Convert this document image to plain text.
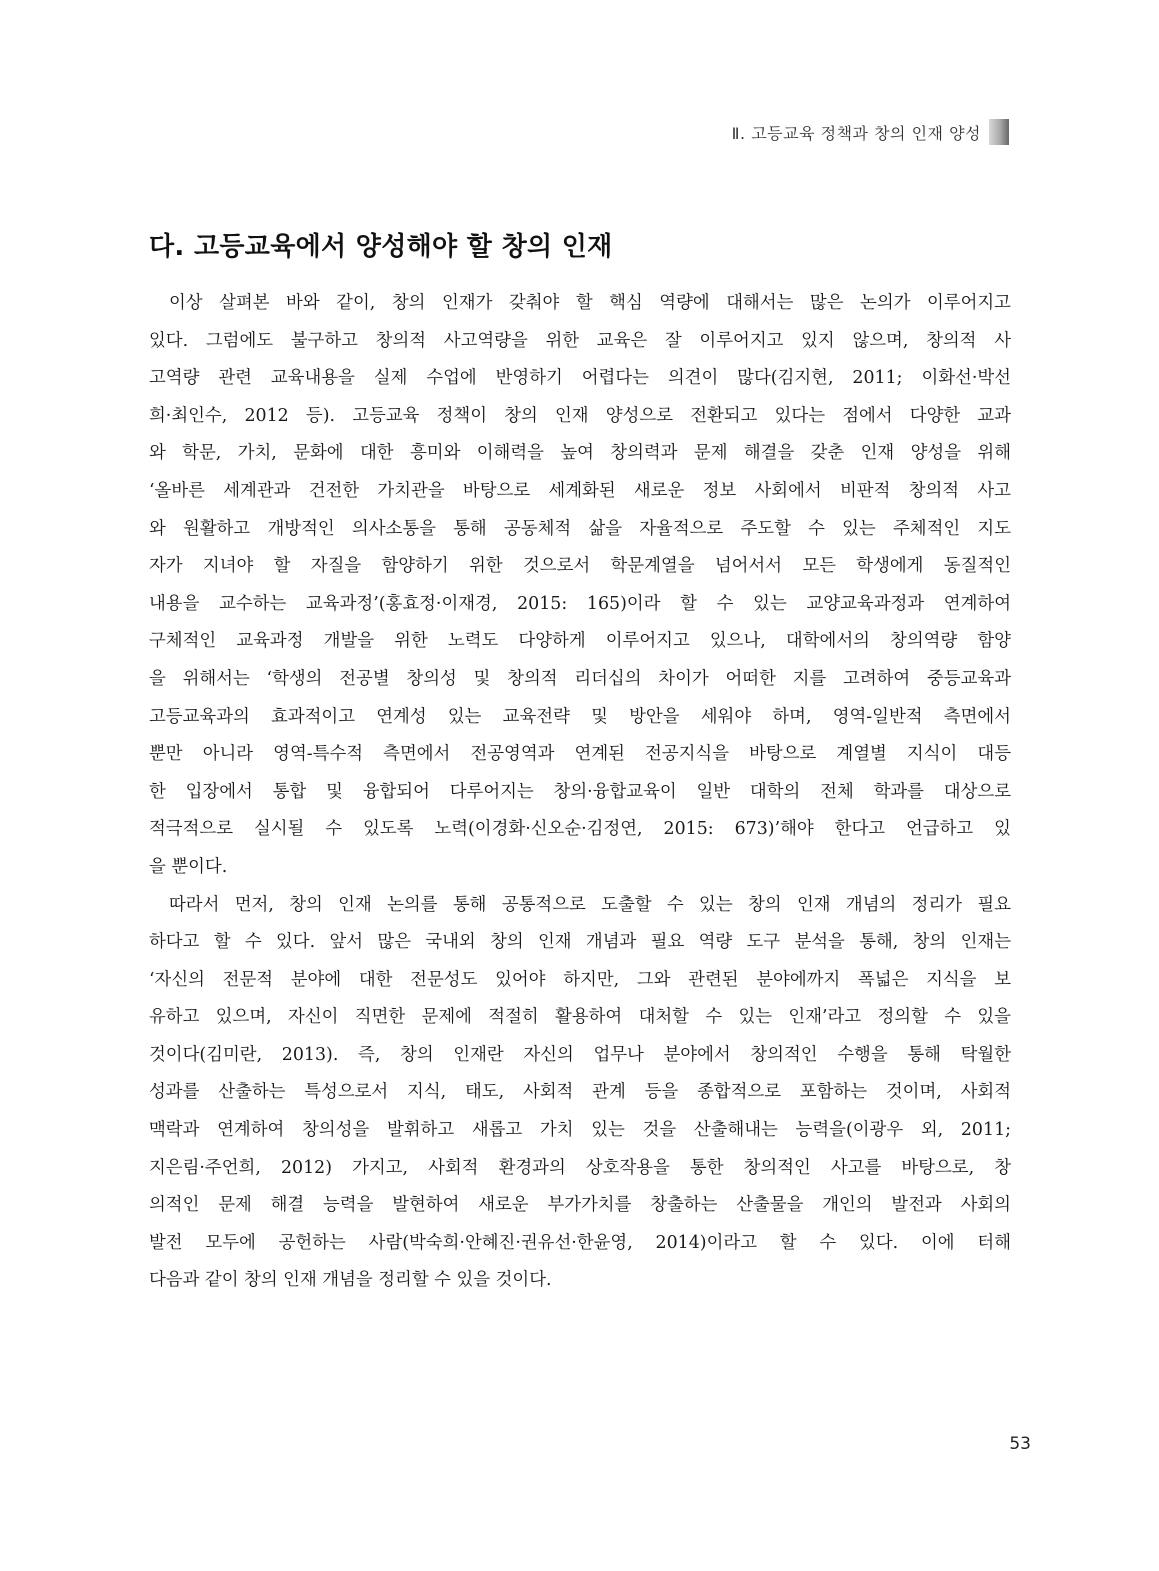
Ⅱ. 고등교육 정책과 창의 인재 양성
다. 고등교육에서 양성해야 할 창의 인재
이상 살펴본 바와 같이, 창의 인재가 갖춰야 할 핵심 역량에 대해서는 많은 논의가 이루어지고
있다. 그럼에도 불구하고 창의적 사고역량을 위한 교육은 잘 이루어지고 있지 않으며, 창의적 사
고역량 관련 교육내용을 실제 수업에 반영하기 어렵다는 의견이 많다(김지현, 2011; 이화선·박선
희·최인수, 2012 등). 고등교육 정책이 창의 인재 양성으로 전환되고 있다는 점에서 다양한 교과
와 학문, 가치, 문화에 대한 흥미와 이해력을 높여 창의력과 문제 해결을 갖춘 인재 양성을 위해
‘올바른 세계관과 건전한 가치관을 바탕으로 세계화된 새로운 정보 사회에서 비판적 창의적 사고
와 원활하고 개방적인 의사소통을 통해 공동체적 삶을 자율적으로 주도할 수 있는 주체적인 지도
자가 지녀야 할 자질을 함양하기 위한 것으로서 학문계열을 넘어서서 모든 학생에게 동질적인
내용을 교수하는 교육과정’(홍효정·이재경, 2015: 165)이라 할 수 있는 교양교육과정과 연계하여
구체적인 교육과정 개발을 위한 노력도 다양하게 이루어지고 있으나, 대학에서의 창의역량 함양
을 위해서는 ‘학생의 전공별 창의성 및 창의적 리더십의 차이가 어떠한 지를 고려하여 중등교육과
고등교육과의 효과적이고 연계성 있는 교육전략 및 방안을 세워야 하며, 영역-일반적 측면에서
뿐만 아니라 영역-특수적 측면에서 전공영역과 연계된 전공지식을 바탕으로 계열별 지식이 대등
한 입장에서 통합 및 융합되어 다루어지는 창의·융합교육이 일반 대학의 전체 학과를 대상으로
적극적으로 실시될 수 있도록 노력(이경화·신오순·김정연, 2015: 673)’해야 한다고 언급하고 있
을 뿐이다.
따라서 먼저, 창의 인재 논의를 통해 공통적으로 도출할 수 있는 창의 인재 개념의 정리가 필요
하다고 할 수 있다. 앞서 많은 국내외 창의 인재 개념과 필요 역량 도구 분석을 통해, 창의 인재는
‘자신의 전문적 분야에 대한 전문성도 있어야 하지만, 그와 관련된 분야에까지 폭넓은 지식을 보
유하고 있으며, 자신이 직면한 문제에 적절히 활용하여 대처할 수 있는 인재’라고 정의할 수 있을
것이다(김미란, 2013). 즉, 창의 인재란 자신의 업무나 분야에서 창의적인 수행을 통해 탁월한
성과를 산출하는 특성으로서 지식, 태도, 사회적 관계 등을 종합적으로 포함하는 것이며, 사회적
맥락과 연계하여 창의성을 발휘하고 새롭고 가치 있는 것을 산출해내는 능력을(이광우 외, 2011;
지은림·주언희, 2012) 가지고, 사회적 환경과의 상호작용을 통한 창의적인 사고를 바탕으로, 창
의적인 문제 해결 능력을 발현하여 새로운 부가가치를 창출하는 산출물을 개인의 발전과 사회의
발전 모두에 공헌하는 사람(박숙희·안혜진·권유선·한윤영, 2014)이라고 할 수 있다. 이에 터해
다음과 같이 창의 인재 개념을 정리할 수 있을 것이다.
53
